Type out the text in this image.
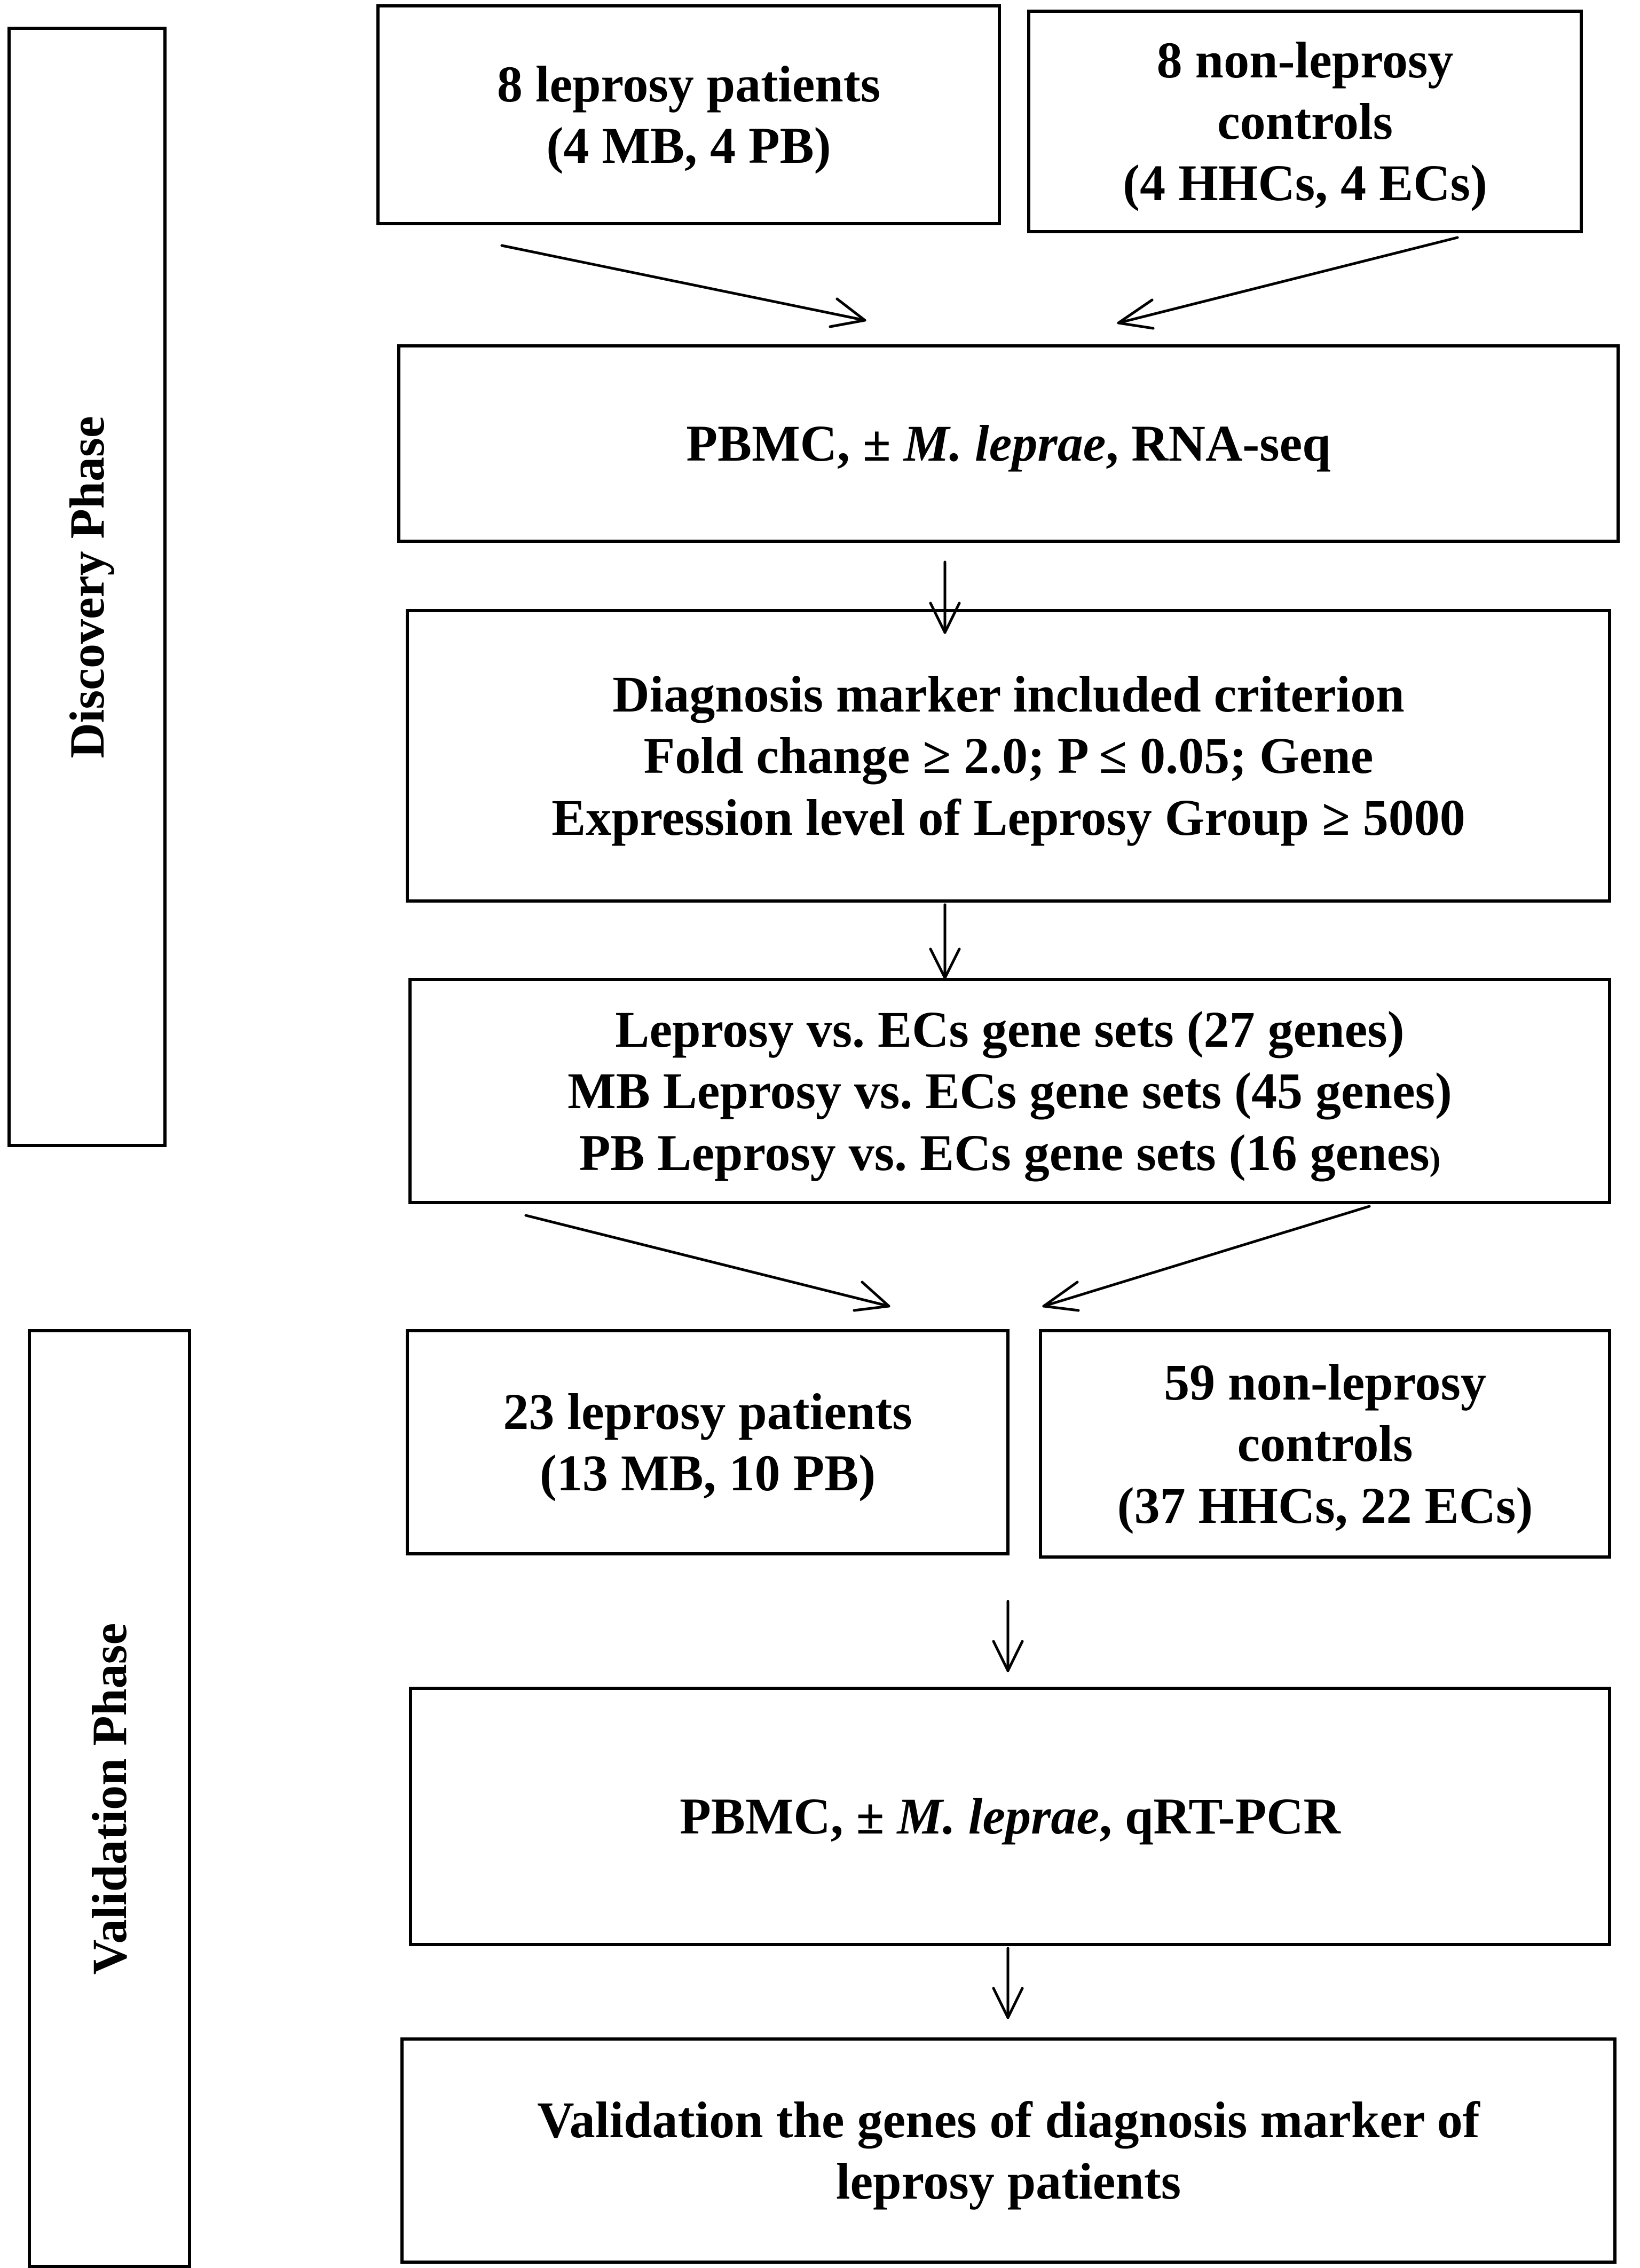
Discovery Phase
Validation Phase
8 leprosy patients
(4 MB, 4 PB)
8 non-leprosy
controls
(4 HHCs, 4 ECs)
PBMC, ± M. leprae, RNA-seq
Diagnosis marker included criterion
Fold change ≥ 2.0; P ≤ 0.05; Gene
Expression level of Leprosy Group ≥ 5000
Leprosy vs. ECs gene sets (27 genes)
MB Leprosy vs. ECs gene sets (45 genes)
PB Leprosy vs. ECs gene sets (16 genes)
23 leprosy patients
(13 MB, 10 PB)
59 non-leprosy
controls
(37 HHCs, 22 ECs)
PBMC, ± M. leprae, qRT-PCR
Validation the genes of diagnosis marker of
leprosy patients
